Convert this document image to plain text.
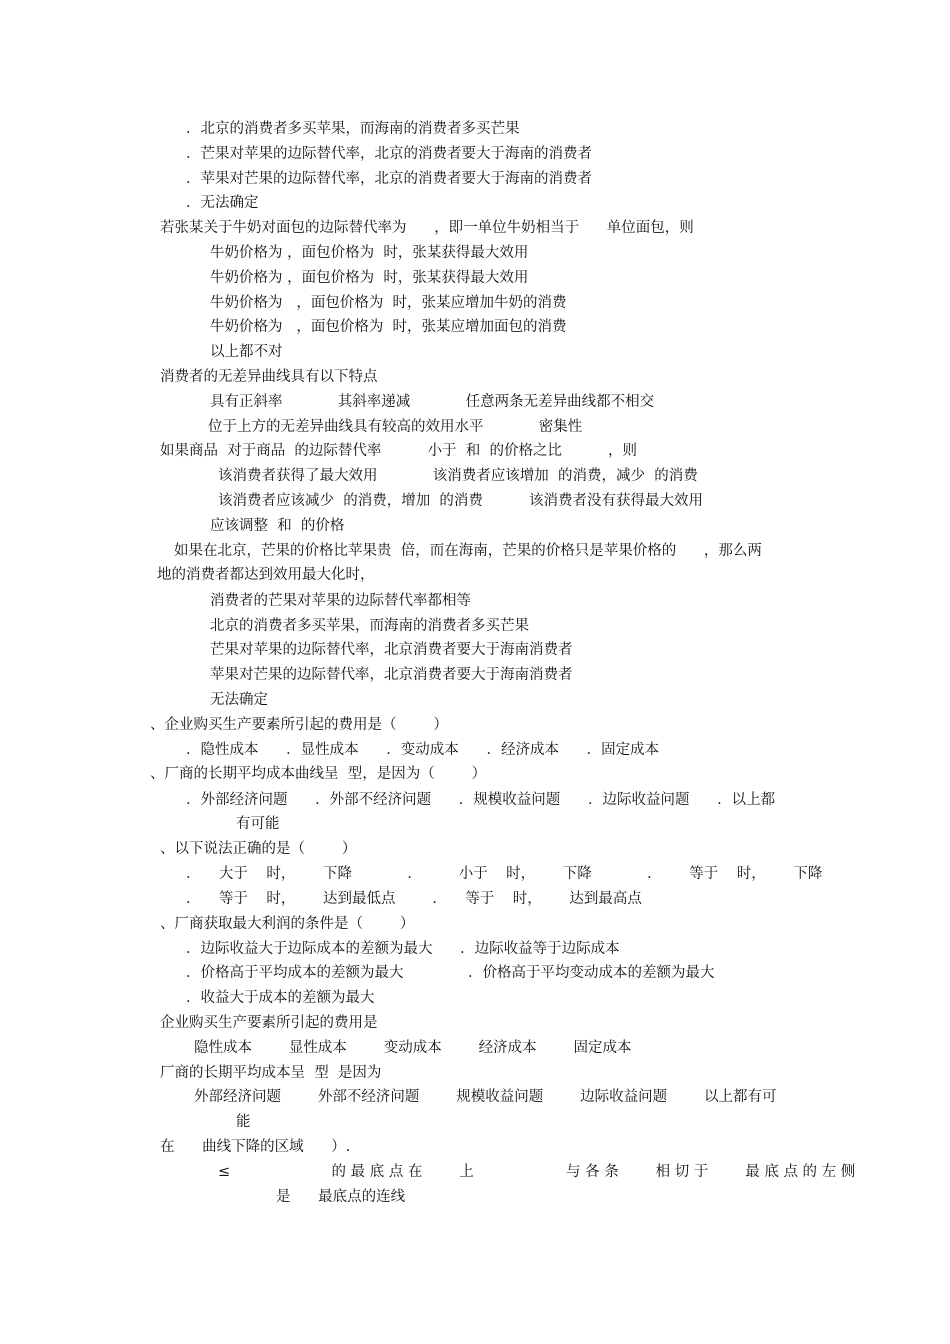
．北京的消费者多买苹果，而海南的消费者多买芒果
．芒果对苹果的边际替代率，北京的消费者要大于海南的消费者
．苹果对芒果的边际替代率，北京的消费者要大于海南的消费者
．无法确定
若张某关于牛奶对面包的边际替代率为      ，即一单位牛奶相当于      单位面包，则
牛奶价格为 ，面包价格为  时，张某获得最大效用
牛奶价格为 ，面包价格为  时，张某获得最大效用
牛奶价格为   ，面包价格为  时，张某应增加牛奶的消费
牛奶价格为   ，面包价格为  时，张某应增加面包的消费
以上都不对
消费者的无差异曲线具有以下特点
具有正斜率            其斜率递减            任意两条无差异曲线都不相交
位于上方的无差异曲线具有较高的效用水平            密集性
如果商品  对于商品  的边际替代率          小于  和  的价格之比          ，则
该消费者获得了最大效用            该消费者应该增加  的消费，减少  的消费
该消费者应该减少  的消费，增加  的消费          该消费者没有获得最大效用
应该调整  和  的价格
如果在北京，芒果的价格比苹果贵  倍，而在海南，芒果的价格只是苹果价格的      ，那么两
地的消费者都达到效用最大化时，
消费者的芒果对苹果的边际替代率都相等
北京的消费者多买苹果，而海南的消费者多买芒果
芒果对苹果的边际替代率，北京消费者要大于海南消费者
苹果对芒果的边际替代率，北京消费者要大于海南消费者
无法确定
、企业购买生产要素所引起的费用是（        ）
．隐性成本      ．显性成本      ．变动成本      ．经济成本      ．固定成本
、厂商的长期平均成本曲线呈  型，是因为（        ）
．外部经济问题      ．外部不经济问题      ．规模收益问题      ．边际收益问题      ．以上都
有可能
、以下说法正确的是（        ）
．    大于    时，      下降            ．        小于    时，      下降            ．      等于    时，      下降
．    等于    时，      达到最低点        ．    等于    时，      达到最高点
、厂商获取最大利润的条件是（        ）
．边际收益大于边际成本的差额为最大      ．边际收益等于边际成本
．价格高于平均成本的差额为最大              ．价格高于平均变动成本的差额为最大
．收益大于成本的差额为最大
企业购买生产要素所引起的费用是
隐性成本        显性成本        变动成本        经济成本        固定成本
厂商的长期平均成本呈  型  是因为
外部经济问题        外部不经济问题        规模收益问题        边际收益问题        以上都有可
能
在      曲线下降的区域      ）.
≤                      的 最 底 点 在        上                    与 各 条        相 切 于        最 底 点 的 左 侧
是      最底点的连线
